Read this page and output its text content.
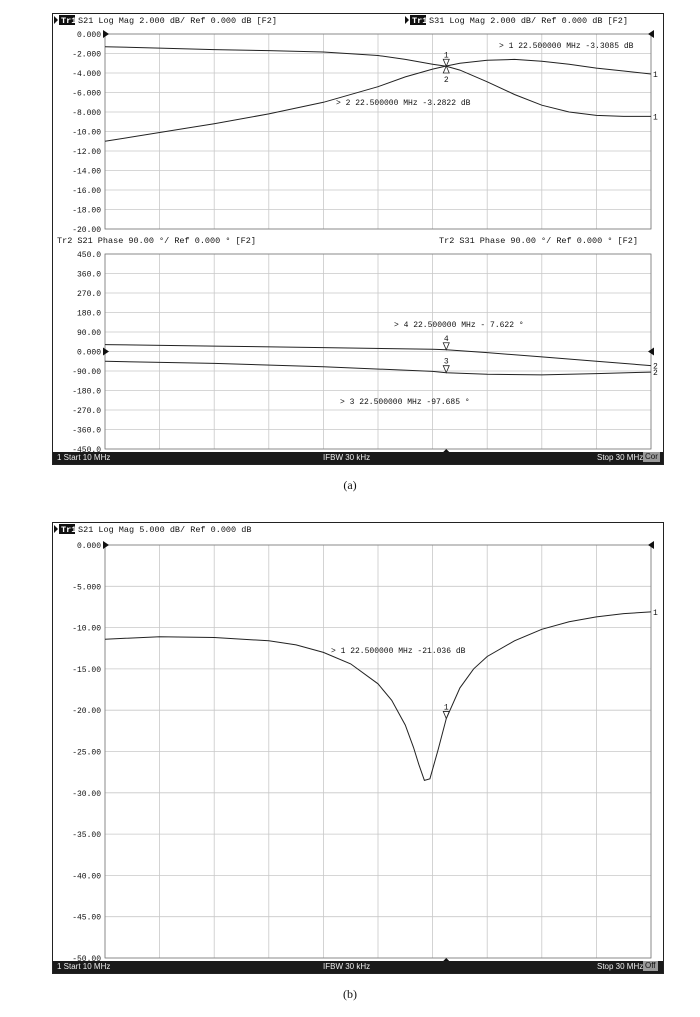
Tr1 S21 Log Mag 2.000 dB/ Ref 0.000 dB [F2]	Tr1 S31 Log Mag 2.000 dB/ Ref 0.000 dB [F2]
0.000
-2.000
-4.000
-6.000
-8.000
-10.00
-12.00
-14.00
-16.00
-18.00
-20.00
1
1
1
2
> 1 22.500000 MHz -3.3085 dB
> 2 22.500000 MHz -3.2822 dB
Tr2 S21 Phase 90.00 °/ Ref 0.000 ° [F2]	Tr2 S31 Phase 90.00 °/ Ref 0.000 ° [F2]
450.0
360.0
270.0
180.0
90.00
0.000
-90.00
-180.0
-270.0
-360.0
-450.0
2
2
4
3
> 4 22.500000 MHz - 7.622 °
> 3 22.500000 MHz -97.685 °
1 Start 10 MHz	IFBW 30 kHz	Stop 30 MHz Cor
(a)
Tr1 S21 Log Mag 5.000 dB/ Ref 0.000 dB
0.000
-5.000
-10.00
-15.00
-20.00
-25.00
-30.00
-35.00
-40.00
-45.00
-50.00
1
1
> 1 22.500000 MHz -21.036 dB
1 Start 10 MHz	IFBW 30 kHz	Stop 30 MHz Off
(b)
